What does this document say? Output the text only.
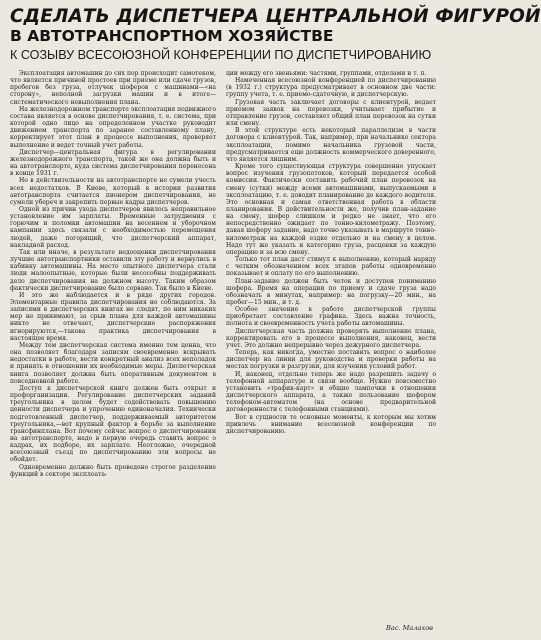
СДЕЛАТЬ ДИСПЕТЧЕРА ЦЕНТРАЛЬНОЙ ФИГУРОЙ
В АВТОТРАНСПОРТНОМ ХОЗЯЙСТВЕ
К СОЗЫВУ ВСЕСОЮЗНОЙ КОНФЕРЕНЦИИ ПО ДИСПЕТЧИРОВАНИЮ

Эксплоатация автомашин до сих пор происходит самотеком, что является причиной простоев при приеме или сдаче грузов, пробегов без груза, отлучек шоферов с машинами—«на сторону», неполной загрузки машин и в итоге—систематического невыполнения плана.

На железнодорожном транспорте эксплоатация подвижного состава является в основе диспетчирования, т. е. система, при которой одно лицо на определенном участке руководит движением транспорта по заранее составленному плану, корректирует этот план в процессе выполнения, проверяет выполнение и ведет точный учет работы.

Диспетчер—центральная фигура в регулировании железнодорожного транспорта, такой же она должна быть и на автотранспорте, куда система диспетчирования перенесена в конце 1931 г.

Но в действительности на автотранспорте не сумели учесть всех недостатков. В Киеве, который в истории развития автотранспорта считается пионером диспетчирования, не сумели убереч и закрепить первые кадры диспетчеров.

Одной из причин ухода диспетчеров явилось неправильное установление им зарплаты. Временные затруднения с горючим и поломки автомашин на весеннем и уборочном кампании здесь связали с необходимостью перемещения людей, даже погорящий, что диспетчерский аппарат, накладной расход.

Так или иначе, в результате недооценки диспетчирования лучшие автотранспортники оставили эту работу и вернулись в кабинку автомашины. На место опытного диспетчера стали люди малоопытные, которые были несособны поддерживать дело диспетчирования на должном высоту. Таким образом фактически диспетчирование было сорвано. Так было в Киеве.

И это же наблюдается и в ряде других городов. Элементарные правила диспетчирования не соблюдаются. За записями в диспетчерских книгах не следят, по ним никаких мер не принимают, за срыв плана для каждой автомашины никто не отвечает, диспетчерские распоряжения игнорируются,—такова практика диспетчирования в настоящее время.

Между тем диспетчерская система именно тем ценна, что она позволяет благодаря записям своевременно вскрывать недостатки в работе, вести конкретный анализ всех неполадок и принять в отношении их необходимые меры. Диспетчерская книга позволяет должна быть оперативным документом в повседневной работе.

Доступ к диспетчерской книге должен быть открыт и профорганизации. Регулирование диспетчерских заданий треугольника в целом будет содействовать повышению ценности диспетчера и упрочению единоначалия. Технически подготовленный диспетчер, поддерживаемый авторитетом треугольника,—вот крупный фактор в борьбе за выполнение трансфинплана. Вот почему сейчас вопрос о диспетчировании на автотранспорте, надо в первую очередь ставить вопрос о кадрах, их подборе, их зарплате. Неотложно, очередной всесоюзный съезд по диспетчированию эти вопросы не обойдет.

Одновременно должно быть проведено строгое разделение функций в секторе эксплоата-

ции между его звеньями: частями, группами, отделами и т. п.

Намеченная всесоюзной конференцией по диспетчированию (в 1932 г.) структура предусматривает в основном две части: группу учета, т. е. приемо-сдаточную, и диспетчерскую.

Грузовая часть заключает договоры с клиентурой, ведает приемом заявок на перевозки, учитывает прибытие и отправление грузов, составляет общий план перевозок на сутки или смену.

В этой структуре есть некоторый параллелизм в части договора с клиентурой. Так, например, при начальнике сектора эксплоатации, помимо начальника грузовой части, предусматривается еще должность коммерческого доверенного, что является лишним.

Кроме того существующая структура совершенно упускает вопрос изучения грузопотоков, который передается особой комиссии. Фактически составить рабочий план перевозок на смену (сутки) между всеми автомашинами, выпускаемыми в эксплоатацию, т. е. доводит планирование до каждого водителя. Это основная и самая ответственная работа в области планирования. В действительности же, получив план-задание на смену, шофер слишком и редко не знает, что его непосредственно ожидает по тонно-километражу. Поэтому, давая шоферу задание, надо точно указывать в маршруте тонно-километраж на каждой ездке отдельно и на смену в целом. Надо тут же указать и категорию груза, расценки за каждую операцию и за всю смену.

Только тот план даст стимул к выполнению, который наряду с четким обозначением всех этапов работы одновременно показывает и оплату по его выполнению.

План-задание должен быть четок и доступен пониманию шофера. Время на операции по приему и сдаче груза надо обозначать в минутах, например: на погрузку—20 мин., на пробег—15 мин., и т. д.

Особое значение в работе диспетчерской группы приобретает составление графика. Здесь важна точность, полнота и своевременность учета работы автомашины.

Диспетчерская часть должна проверять выполнение плана, корректировать его в процессе выполнения, наконец, вести учет. Это должно непрерывно через дежурного диспетчера.

Теперь, как никогда, уместно поставить вопрос о наиболее диспетчер на линии для руководства и проверки работы на местах погрузки и разгрузки, для изучения условий работ.

И, наконец, отдельно теперь же надо разрешить задачу о телефонной аппаратуре и связи вообще. Нужно повсеместно установить «трафик-карт» и общие лампочки в отношении диспетчерского аппарата, а также пользование шофером телефоном-автоматом (на основе предварительной договоренности с телефонными станциями).

Вот в сущности те основные моменты, к которым мы хотим привлечь внимание всесоюзной конференции по диспетчированию.

Вас. Малахов
